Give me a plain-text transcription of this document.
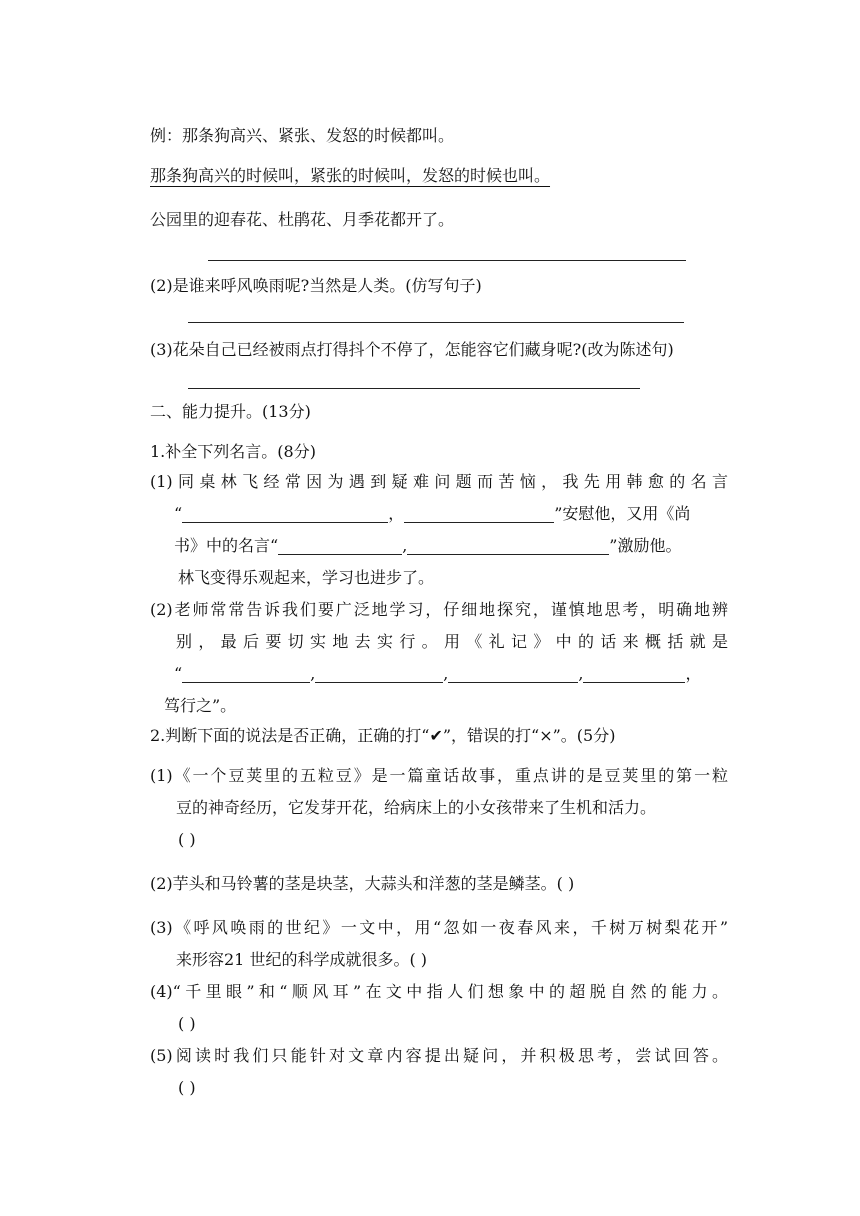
例：那条狗高兴、紧张、发怒的时候都叫。
那条狗高兴的时候叫，紧张的时候叫，发怒的时候也叫。
公园里的迎春花、杜鹃花、月季花都开了。
(2)是谁来呼风唤雨呢?当然是人类。(仿写句子)
(3)花朵自己已经被雨点打得抖个不停了，怎能容它们藏身呢?(改为陈述句)
二、能力提升。(13分)
1.补全下列名言。(8分)
(1)同桌林飞经常因为遇到疑难问题而苦恼，我先用韩愈的名言
“	，	”安慰他，又用《尚
书》中的名言“	,	”激励他。
林飞变得乐观起来，学习也进步了。
(2)老师常常告诉我们要广泛地学习，仔细地探究，谨慎地思考，明确地辨
别，最后要切实地去实行。用《礼记》中的话来概括就是
“	,	,	,	，
笃行之”。
2.判断下面的说法是否正确，正确的打“✔”，错误的打“×”。(5分)
(1)《一个豆荚里的五粒豆》是一篇童话故事，重点讲的是豆荚里的第一粒
豆的神奇经历，它发芽开花，给病床上的小女孩带来了生机和活力。
( )
(2)芋头和马铃薯的茎是块茎，大蒜头和洋葱的茎是鳞茎。( )
(3)《呼风唤雨的世纪》一文中，用“忽如一夜春风来，千树万树梨花开”
来形容21 世纪的科学成就很多。( )
(4)“千里眼”和“顺风耳”在文中指人们想象中的超脱自然的能力。
( )
(5)阅读时我们只能针对文章内容提出疑问，并积极思考，尝试回答。
( )
